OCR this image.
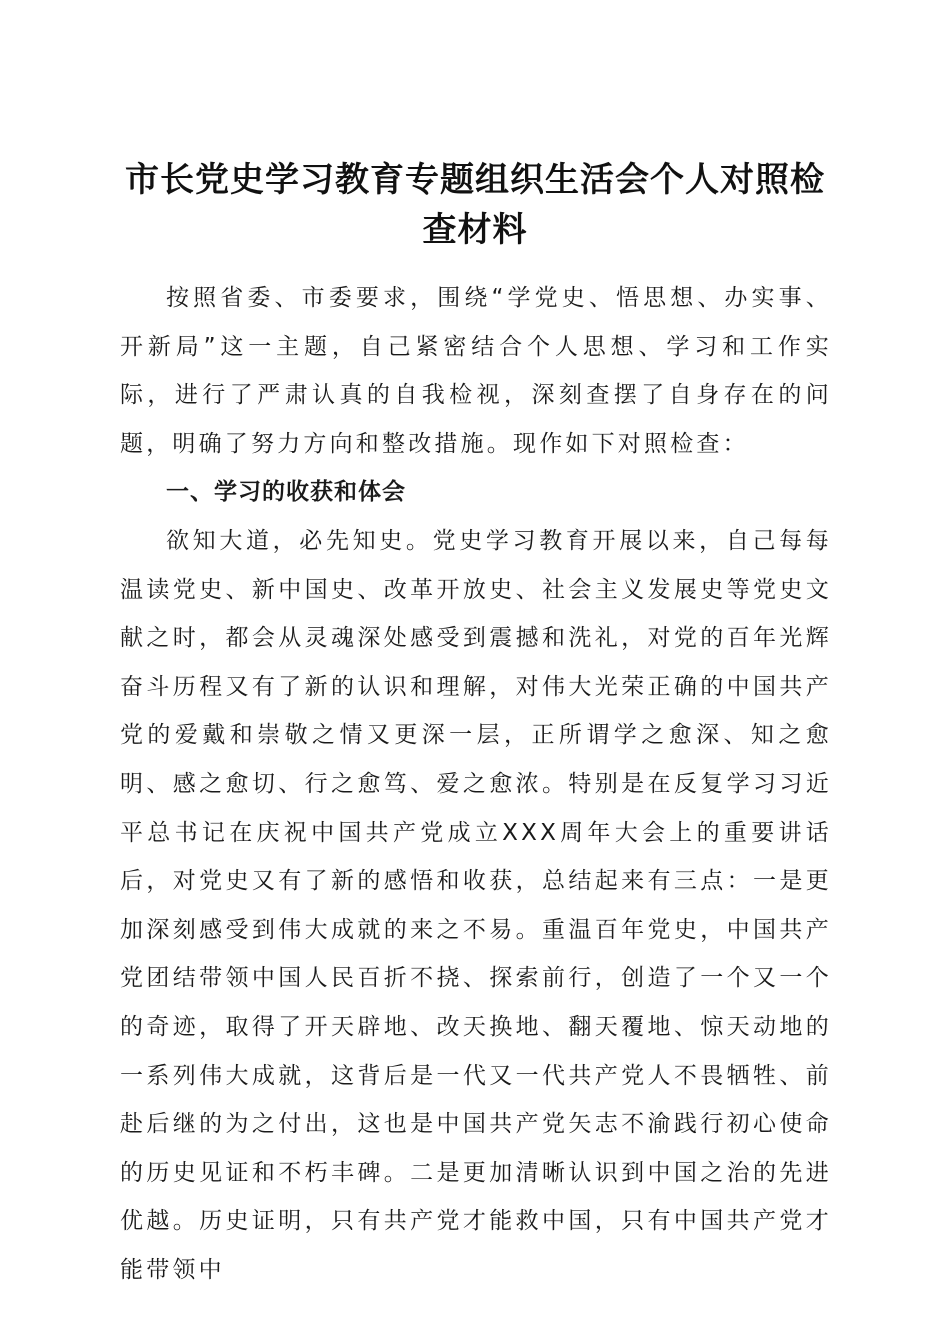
市长党史学习教育专题组织生活会个人对照检查材料

按照省委、市委要求，围绕“学党史、悟思想、办实事、开新局”这一主题，自己紧密结合个人思想、学习和工作实际，进行了严肃认真的自我检视，深刻查摆了自身存在的问题，明确了努力方向和整改措施。现作如下对照检查：

一、学习的收获和体会

欲知大道，必先知史。党史学习教育开展以来，自己每每温读党史、新中国史、改革开放史、社会主义发展史等党史文献之时，都会从灵魂深处感受到震撼和洗礼，对党的百年光辉奋斗历程又有了新的认识和理解，对伟大光荣正确的中国共产党的爱戴和崇敬之情又更深一层，正所谓学之愈深、知之愈明、感之愈切、行之愈笃、爱之愈浓。特别是在反复学习习近平总书记在庆祝中国共产党成立XXX周年大会上的重要讲话后，对党史又有了新的感悟和收获，总结起来有三点：一是更加深刻感受到伟大成就的来之不易。重温百年党史，中国共产党团结带领中国人民百折不挠、探索前行，创造了一个又一个的奇迹，取得了开天辟地、改天换地、翻天覆地、惊天动地的一系列伟大成就，这背后是一代又一代共产党人不畏牺牲、前赴后继的为之付出，这也是中国共产党矢志不渝践行初心使命的历史见证和不朽丰碑。二是更加清晰认识到中国之治的先进优越。历史证明，只有共产党才能救中国，只有中国共产党才能带领中
